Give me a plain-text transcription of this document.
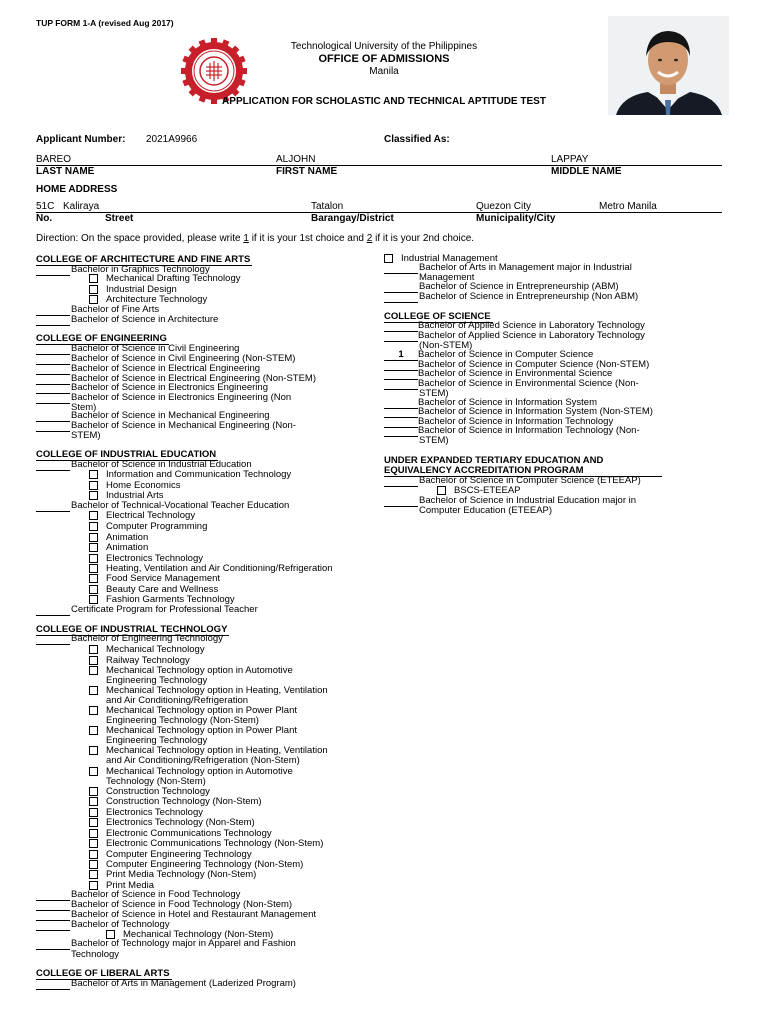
TUP FORM 1-A (revised Aug 2017)
Technological University of the Philippines
OFFICE OF ADMISSIONS
Manila
APPLICATION FOR SCHOLASTIC AND TECHNICAL APTITUDE TEST
Applicant Number: 2021A9966	Classified As:
BAREO	ALJOHN	LAPPAY
LAST NAME	FIRST NAME	MIDDLE NAME
HOME ADDRESS
51C Kaliraya	Tatalon	Quezon City	Metro Manila
No.	Street	Barangay/District	Municipality/City
Direction: On the space provided, please write 1 if it is your 1st choice and 2 if it is your 2nd choice.
COLLEGE OF ARCHITECTURE AND FINE ARTS
Bachelor in Graphics Technology
Mechanical Drafting Technology
Industrial Design
Architecture Technology
Bachelor of Fine Arts
Bachelor of Science in Architecture
COLLEGE OF ENGINEERING
Bachelor of Science in Civil Engineering
Bachelor of Science in Civil Engineering (Non-STEM)
Bachelor of Science in Electrical Engineering
Bachelor of Science in Electrical Engineering (Non-STEM)
Bachelor of Science in Electronics Engineering
Bachelor of Science in Electronics Engineering (Non
Stem)
Bachelor of Science in Mechanical Engineering
Bachelor of Science in Mechanical Engineering (Non-
STEM)
COLLEGE OF INDUSTRIAL EDUCATION
Bachelor of Science in Industrial Education
Information and Communication Technology
Home Economics
Industrial Arts
Bachelor of Technical-Vocational Teacher Education
Electrical Technology
Computer Programming
Animation
Animation
Electronics Technology
Heating, Ventilation and Air Conditioning/Refrigeration
Food Service Management
Beauty Care and Wellness
Fashion Garments Technology
Certificate Program for Professional Teacher
COLLEGE OF INDUSTRIAL TECHNOLOGY
Bachelor of Engineering Technology
Mechanical Technology
Railway Technology
Mechanical Technology option in Automotive
Engineering Technology
Mechanical Technology option in Heating, Ventilation
and Air Conditioning/Refrigeration
Mechanical Technology option in Power Plant
Engineering Technology (Non-Stem)
Mechanical Technology option in Power Plant
Engineering Technology
Mechanical Technology option in Heating, Ventilation
and Air Conditioning/Refrigeration (Non-Stem)
Mechanical Technology option in Automotive
Technology (Non-Stem)
Construction Technology
Construction Technology (Non-Stem)
Electronics Technology
Electronics Technology (Non-Stem)
Electronic Communications Technology
Electronic Communications Technology (Non-Stem)
Computer Engineering Technology
Computer Engineering Technology (Non-Stem)
Print Media Technology (Non-Stem)
Print Media
Bachelor of Science in Food Technology
Bachelor of Science in Food Technology (Non-Stem)
Bachelor of Science in Hotel and Restaurant Management
Bachelor of Technology
Mechanical Technology (Non-Stem)
Bachelor of Technology major in Apparel and Fashion
Technology
COLLEGE OF LIBERAL ARTS
Bachelor of Arts in Management (Laderized Program)
Industrial Management
Bachelor of Arts in Management major in Industrial
Management
Bachelor of Science in Entrepreneurship (ABM)
Bachelor of Science in Entrepreneurship (Non ABM)
COLLEGE OF SCIENCE
Bachelor of Applied Science in Laboratory Technology
Bachelor of Applied Science in Laboratory Technology
(Non-STEM)
1	Bachelor of Science in Computer Science
Bachelor of Science in Computer Science (Non-STEM)
Bachelor of Science in Environmental Science
Bachelor of Science in Environmental Science (Non-
STEM)
Bachelor of Science in Information System
Bachelor of Science in Information System (Non-STEM)
Bachelor of Science in Information Technology
Bachelor of Science in Information Technology (Non-
STEM)
UNDER EXPANDED TERTIARY EDUCATION AND
EQUIVALENCY ACCREDITATION PROGRAM
Bachelor of Science in Computer Science (ETEEAP)
BSCS-ETEEAP
Bachelor of Science in Industrial Education major in
Computer Education (ETEEAP)
